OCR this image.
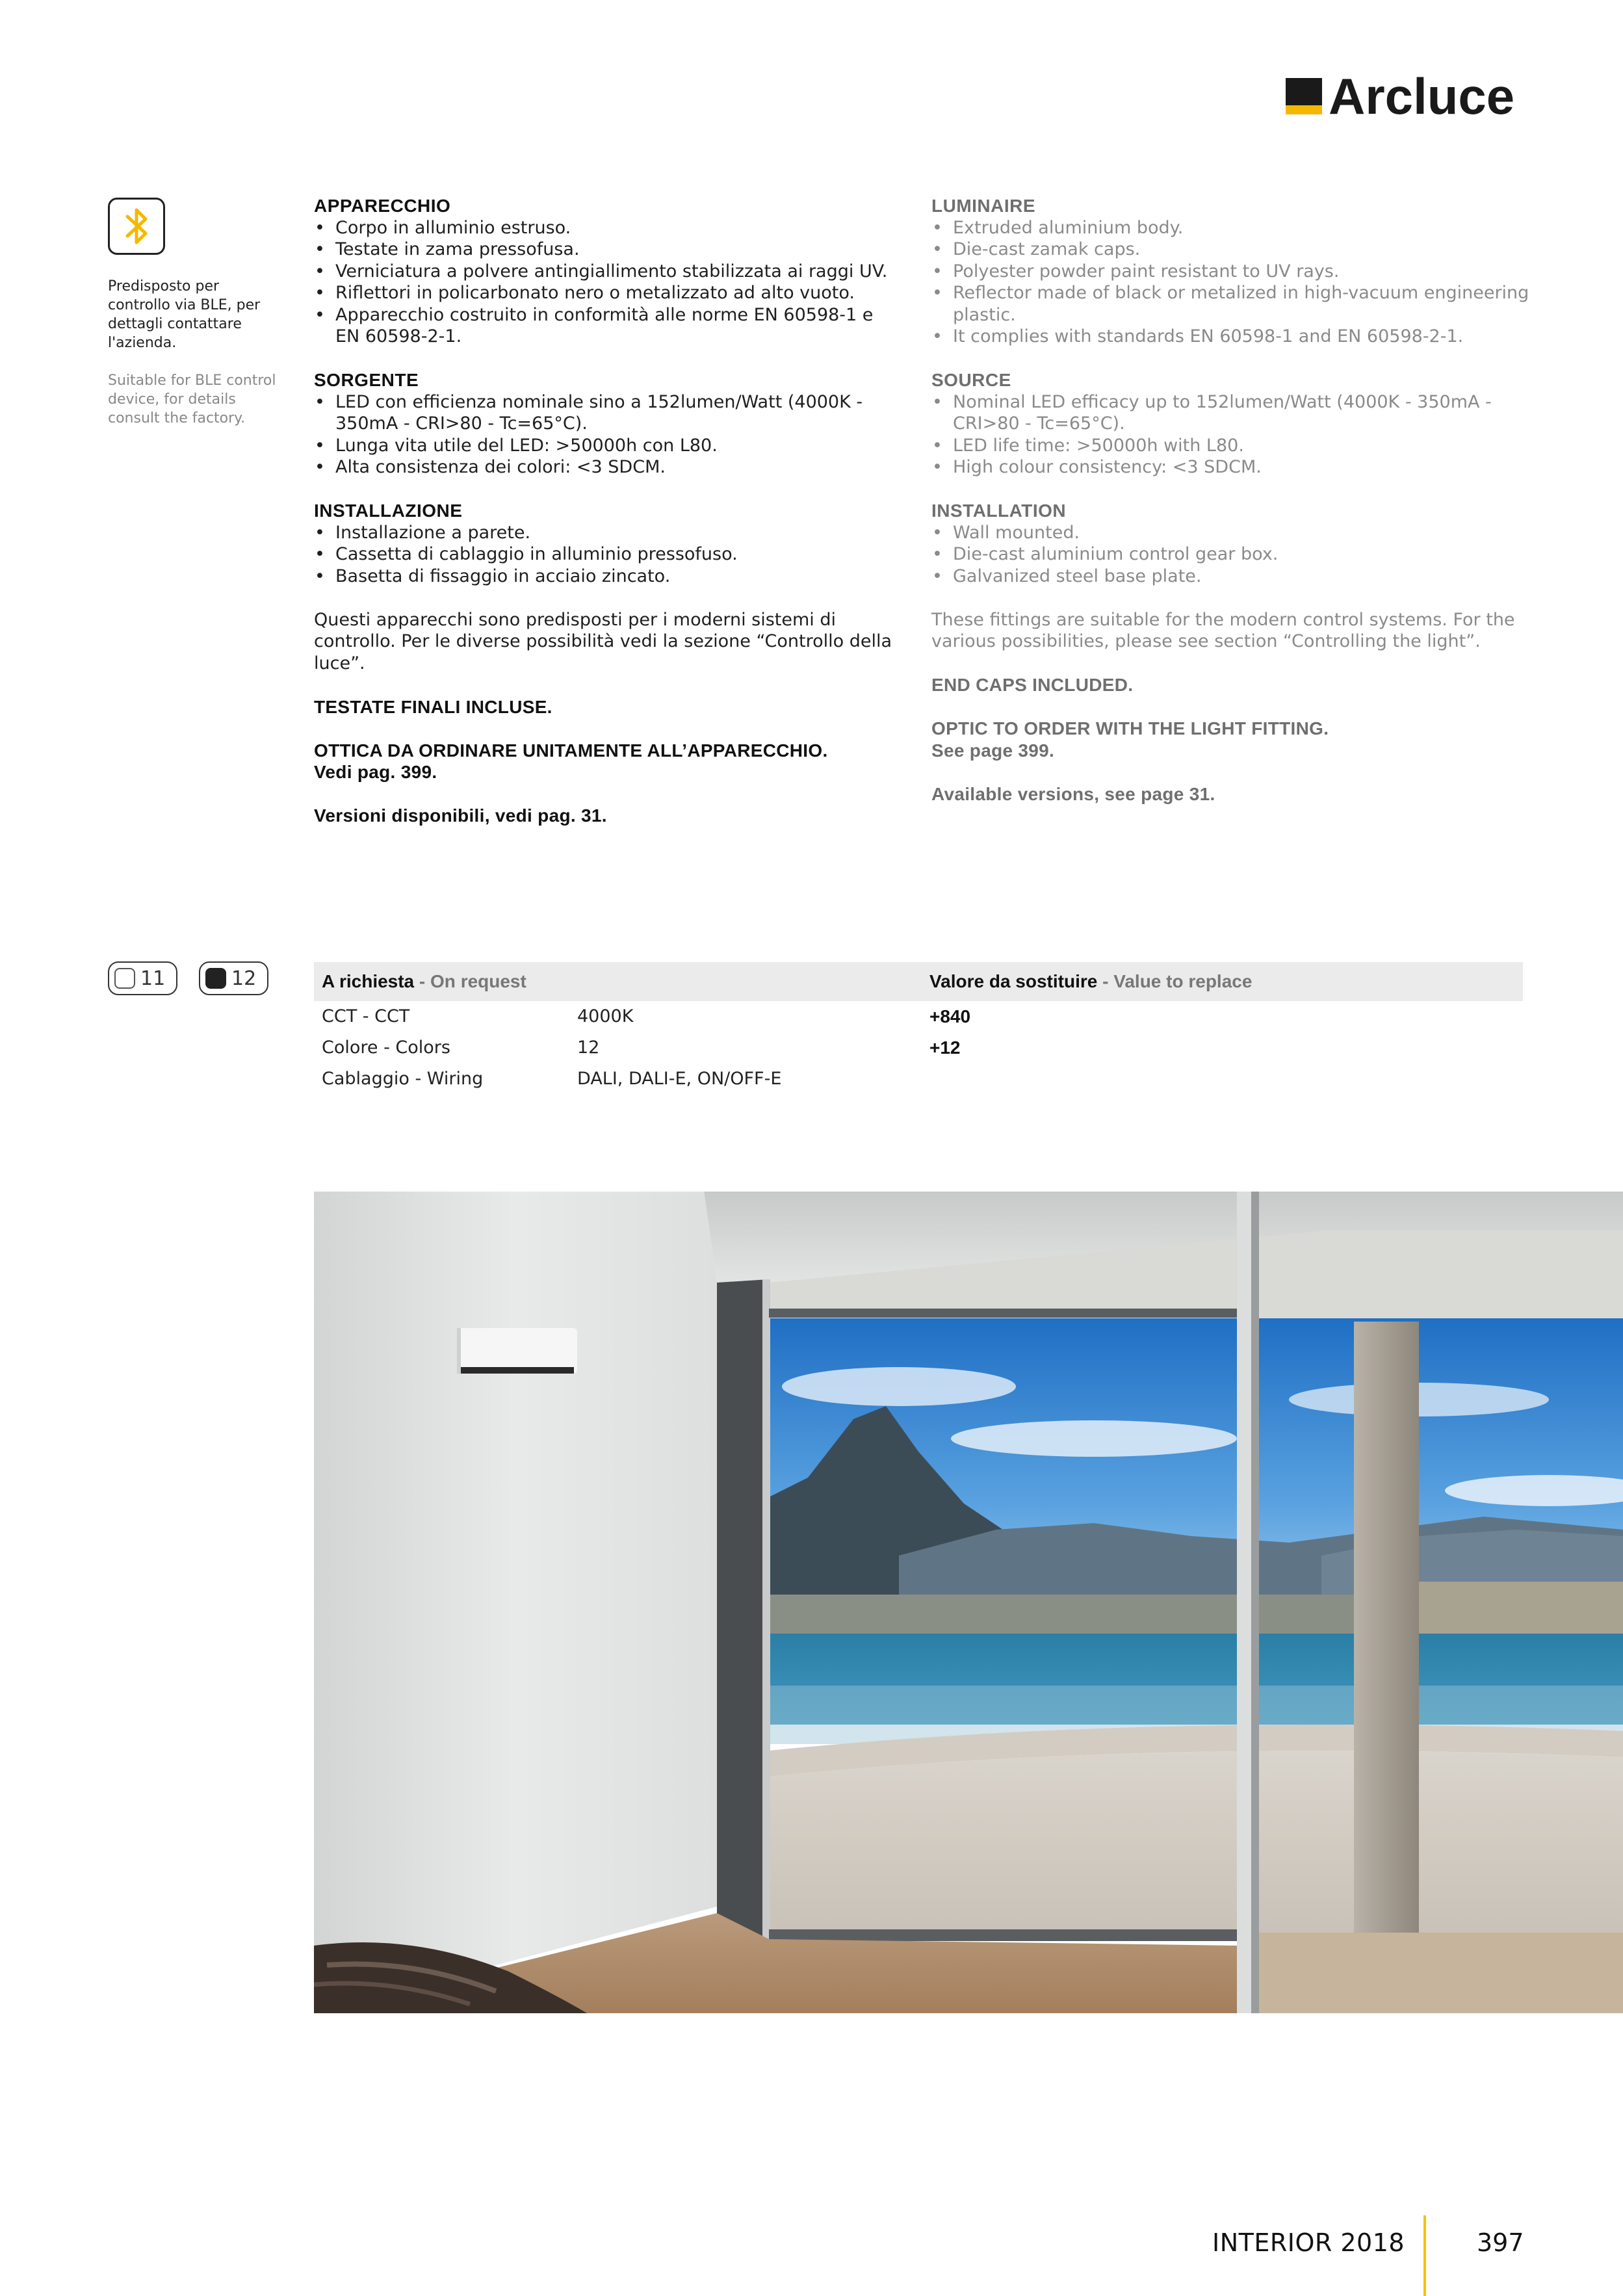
Arcluce
Predisposto per controllo via BLE, per dettagli contattare l'azienda.
Suitable for BLE control device, for details consult the factory.
APPARECCHIO
• Corpo in alluminio estruso.
• Testate in zama pressofusa.
• Verniciatura a polvere antingiallimento stabilizzata ai raggi UV.
• Riflettori in policarbonato nero o metalizzato ad alto vuoto.
• Apparecchio costruito in conformità alle norme EN 60598-1 e EN 60598-2-1.
SORGENTE
• LED con efficienza nominale sino a 152lumen/Watt (4000K - 350mA - CRI>80 - Tc=65°C).
• Lunga vita utile del LED: >50000h con L80.
• Alta consistenza dei colori: <3 SDCM.
INSTALLAZIONE
• Installazione a parete.
• Cassetta di cablaggio in alluminio pressofuso.
• Basetta di fissaggio in acciaio zincato.
Questi apparecchi sono predisposti per i moderni sistemi di controllo. Per le diverse possibilità vedi la sezione “Controllo della luce”.
TESTATE FINALI INCLUSE.
OTTICA DA ORDINARE UNITAMENTE ALL’APPARECCHIO.
Vedi pag. 399.
Versioni disponibili, vedi pag. 31.
LUMINAIRE
• Extruded aluminium body.
• Die-cast zamak caps.
• Polyester powder paint resistant to UV rays.
• Reflector made of black or metalized in high-vacuum engineering plastic.
• It complies with standards EN 60598-1 and EN 60598-2-1.
SOURCE
• Nominal LED efficacy up to 152lumen/Watt (4000K - 350mA - CRI>80 - Tc=65°C).
• LED life time: >50000h with L80.
• High colour consistency: <3 SDCM.
INSTALLATION
• Wall mounted.
• Die-cast aluminium control gear box.
• Galvanized steel base plate.
These fittings are suitable for the modern control systems. For the various possibilities, please see section “Controlling the light”.
END CAPS INCLUDED.
OPTIC TO ORDER WITH THE LIGHT FITTING.
See page 399.
Available versions, see page 31.
11	12	A richiesta - On request	Valore da sostituire - Value to replace
CCT - CCT	4000K	+840
Colore - Colors	12	+12
Cablaggio - Wiring	DALI, DALI-E, ON/OFF-E
INTERIOR 2018	397
